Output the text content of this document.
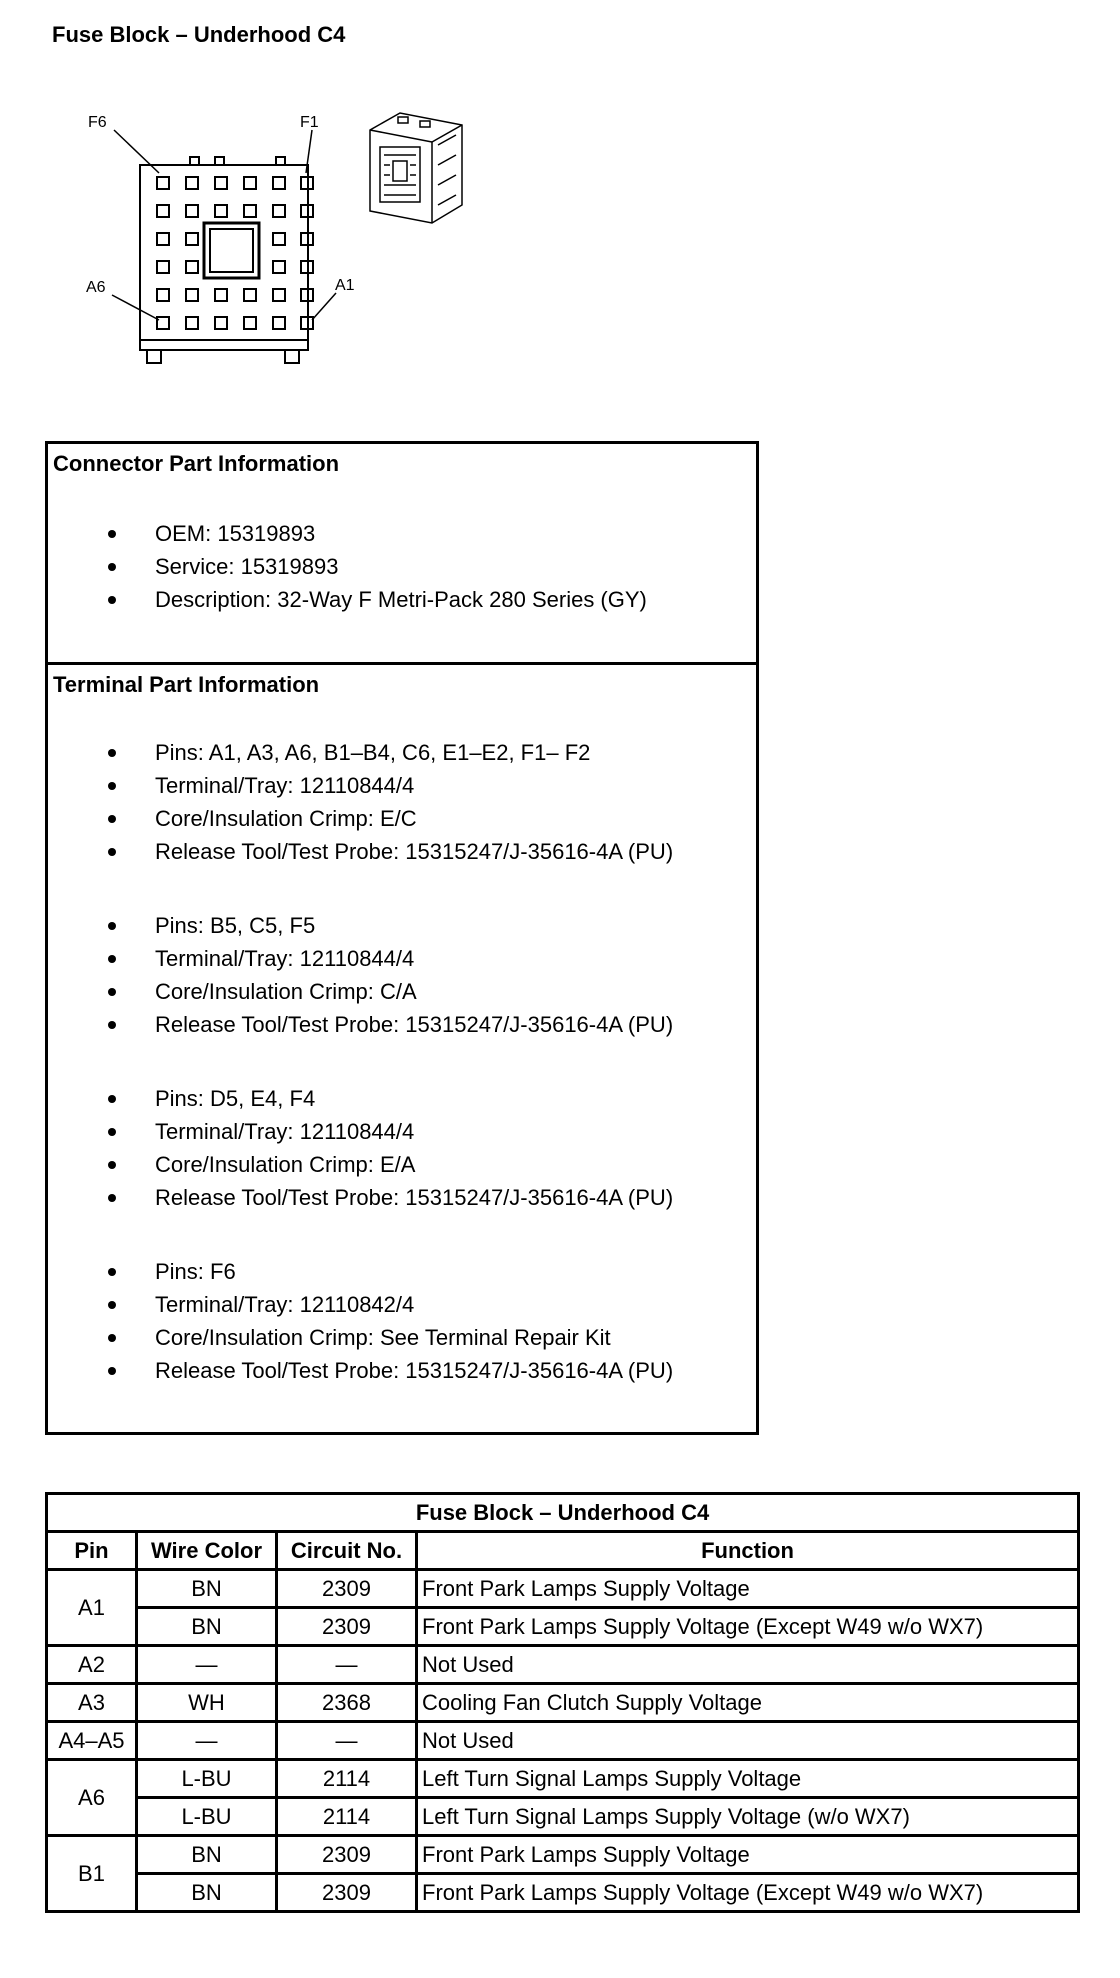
Fuse Block – Underhood C4
F6	F1
A6	A1
Connector Part Information
OEM: 15319893
Service: 15319893
Description: 32-Way F Metri-Pack 280 Series (GY)
Terminal Part Information
Pins: A1, A3, A6, B1–B4, C6, E1–E2, F1– F2
Terminal/Tray: 12110844/4
Core/Insulation Crimp: E/C
Release Tool/Test Probe: 15315247/J-35616-4A (PU)
Pins: B5, C5, F5
Terminal/Tray: 12110844/4
Core/Insulation Crimp: C/A
Release Tool/Test Probe: 15315247/J-35616-4A (PU)
Pins: D5, E4, F4
Terminal/Tray: 12110844/4
Core/Insulation Crimp: E/A
Release Tool/Test Probe: 15315247/J-35616-4A (PU)
Pins: F6
Terminal/Tray: 12110842/4
Core/Insulation Crimp: See Terminal Repair Kit
Release Tool/Test Probe: 15315247/J-35616-4A (PU)
Fuse Block – Underhood C4			
Pin	Wire Color	Circuit No.	Function
A1	BN	2309	Front Park Lamps Supply Voltage
	BN	2309	Front Park Lamps Supply Voltage (Except W49 w/o WX7)
A2	—	—	Not Used
A3	WH	2368	Cooling Fan Clutch Supply Voltage
A4–A5	—	—	Not Used
A6	L-BU	2114	Left Turn Signal Lamps Supply Voltage
	L-BU	2114	Left Turn Signal Lamps Supply Voltage (w/o WX7)
B1	BN	2309	Front Park Lamps Supply Voltage
	BN	2309	Front Park Lamps Supply Voltage (Except W49 w/o WX7)
